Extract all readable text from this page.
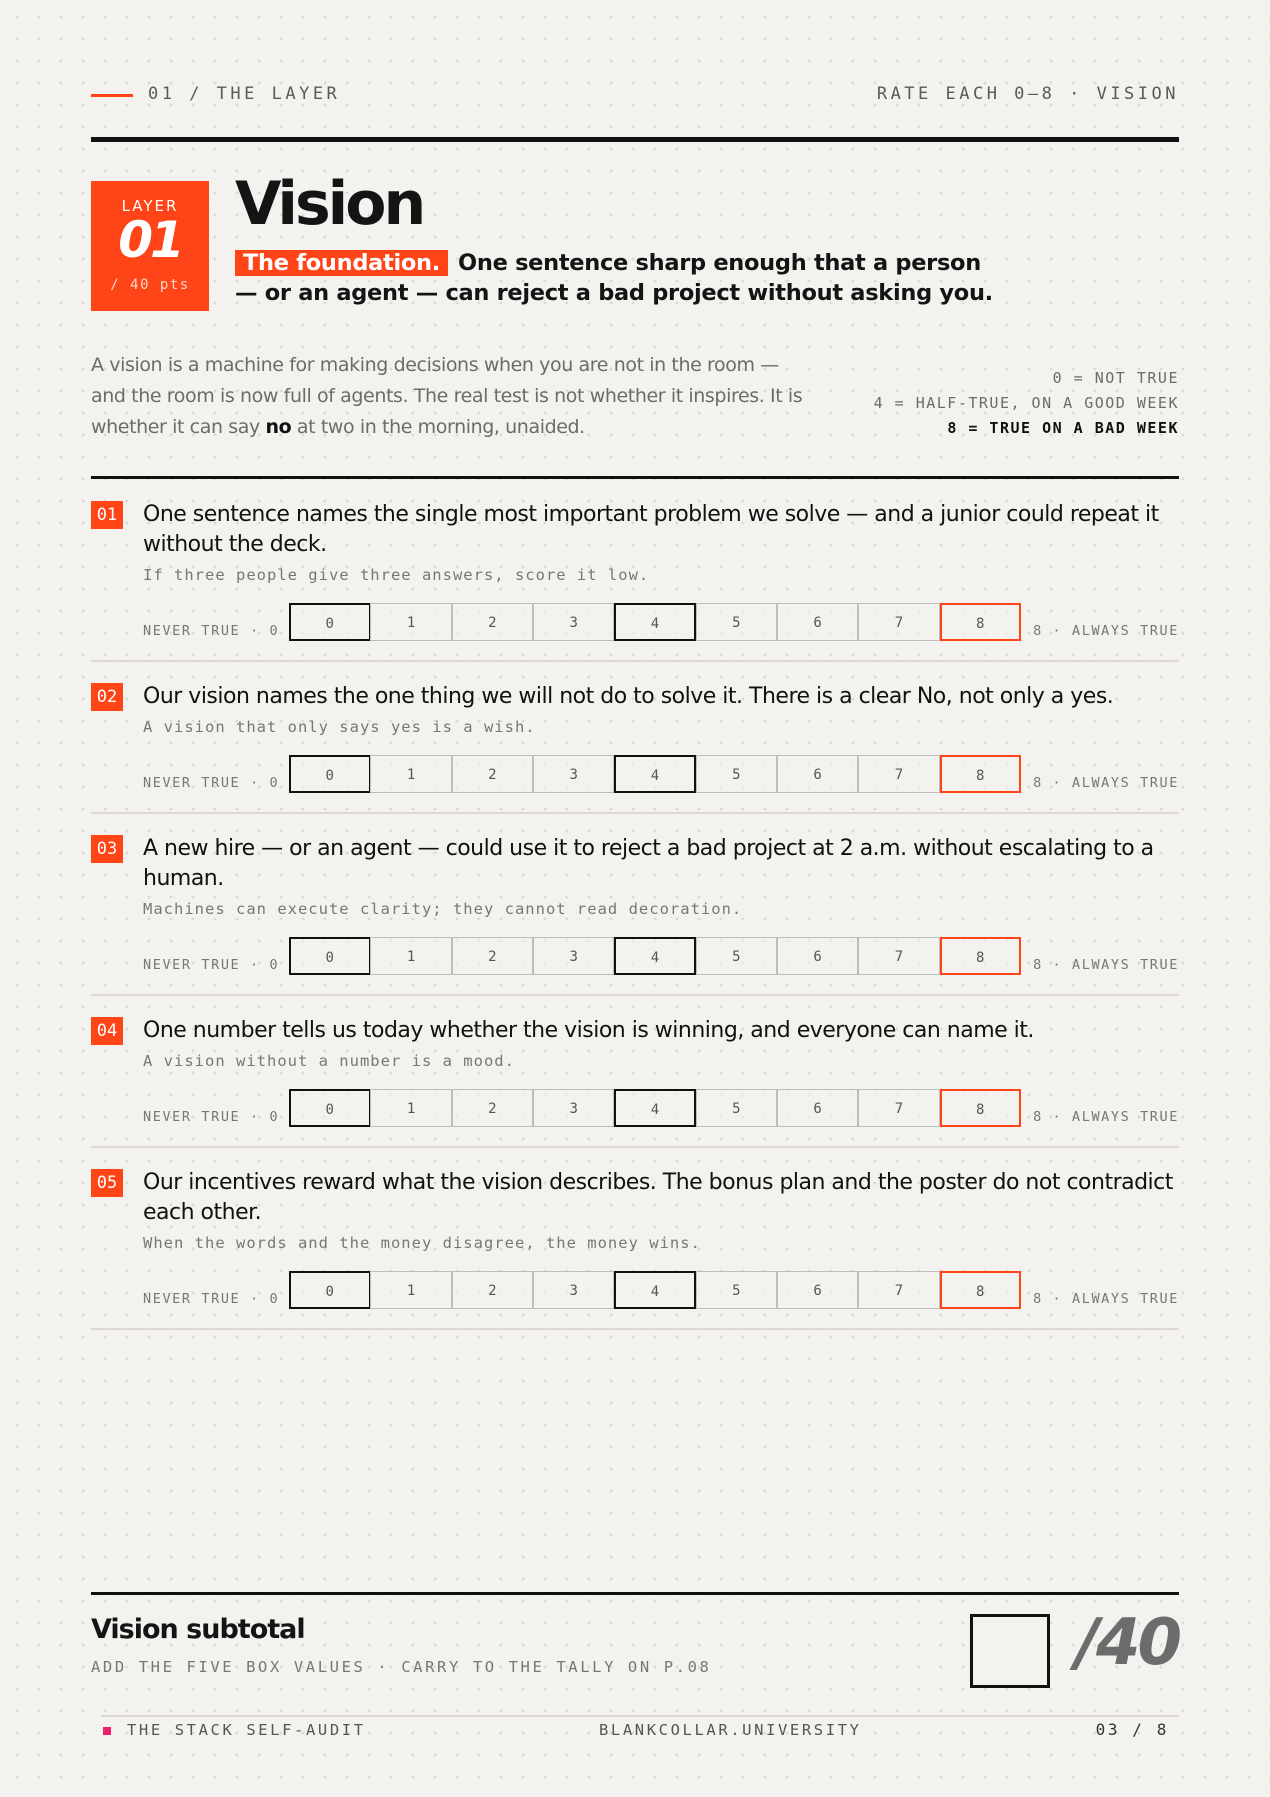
01 / THE LAYER	RATE EACH 0–8 · VISION
LAYER
01
/ 40 pts
Vision
The foundation. One sentence sharp enough that a person — or an agent — can reject a bad project without asking you.
A vision is a machine for making decisions when you are not in the room — and the room is now full of agents. The real test is not whether it inspires. It is whether it can say no at two in the morning, unaided.
0 = NOT TRUE
4 = HALF-TRUE, ON A GOOD WEEK
8 = TRUE ON A BAD WEEK
01 One sentence names the single most important problem we solve — and a junior could repeat it without the deck.
If three people give three answers, score it low.
NEVER TRUE · 0	0	1	2	3	4	5	6	7	8	8 · ALWAYS TRUE
02 Our vision names the one thing we will not do to solve it. There is a clear No, not only a yes.
A vision that only says yes is a wish.
NEVER TRUE · 0	0	1	2	3	4	5	6	7	8	8 · ALWAYS TRUE
03 A new hire — or an agent — could use it to reject a bad project at 2 a.m. without escalating to a human.
Machines can execute clarity; they cannot read decoration.
NEVER TRUE · 0	0	1	2	3	4	5	6	7	8	8 · ALWAYS TRUE
04 One number tells us today whether the vision is winning, and everyone can name it.
A vision without a number is a mood.
NEVER TRUE · 0	0	1	2	3	4	5	6	7	8	8 · ALWAYS TRUE
05 Our incentives reward what the vision describes. The bonus plan and the poster do not contradict each other.
When the words and the money disagree, the money wins.
NEVER TRUE · 0	0	1	2	3	4	5	6	7	8	8 · ALWAYS TRUE
Vision subtotal
ADD THE FIVE BOX VALUES · CARRY TO THE TALLY ON P.08	/40
THE STACK SELF-AUDIT	BLANKCOLLAR.UNIVERSITY	03 / 8
